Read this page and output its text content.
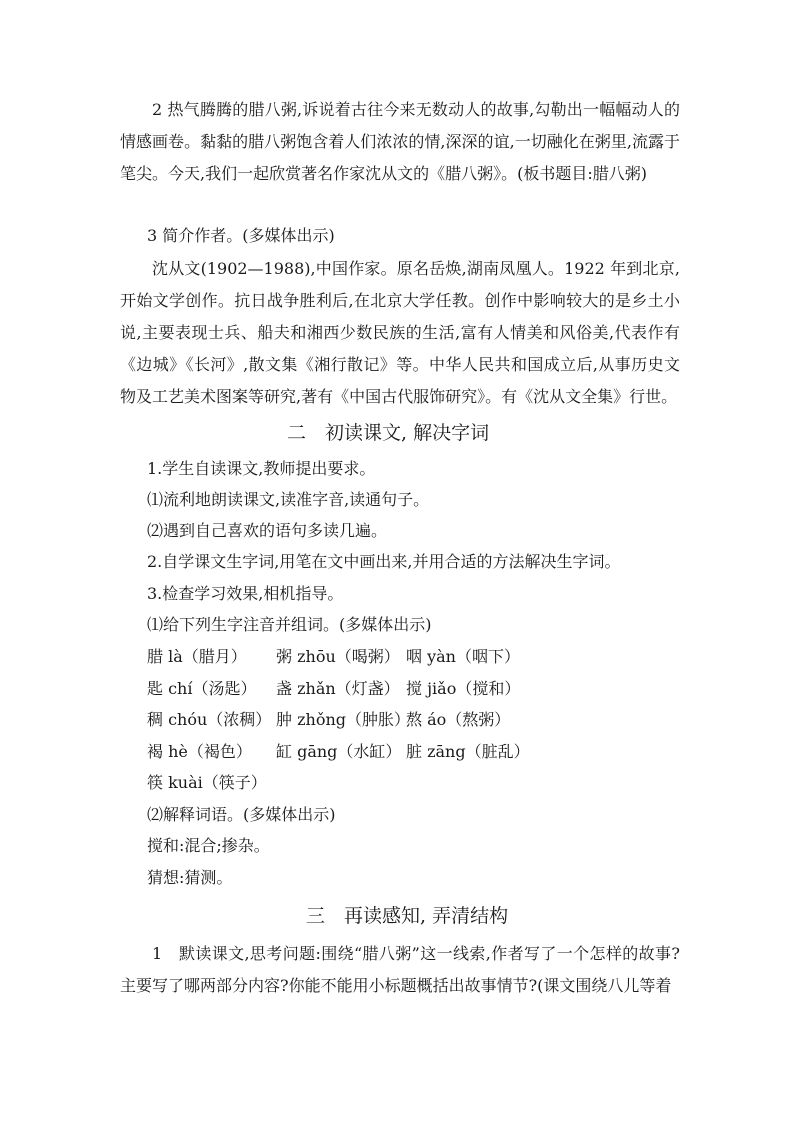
2 热气腾腾的腊八粥,诉说着古往今来无数动人的故事,勾勒出一幅幅动人的情感画卷。黏黏的腊八粥饱含着人们浓浓的情,深深的谊,一切融化在粥里,流露于笔尖。今天,我们一起欣赏著名作家沈从文的《腊八粥》。(板书题目:腊八粥)

3 简介作者。(多媒体出示)

沈从文(1902—1988),中国作家。原名岳焕,湖南凤凰人。1922 年到北京,开始文学创作。抗日战争胜利后,在北京大学任教。创作中影响较大的是乡土小说,主要表现士兵、船夫和湘西少数民族的生活,富有人情美和风俗美,代表作有《边城》《长河》,散文集《湘行散记》等。中华人民共和国成立后,从事历史文物及工艺美术图案等研究,著有《中国古代服饰研究》。有《沈从文全集》行世。

二　初读课文, 解决字词

1.学生自读课文,教师提出要求。

⑴流利地朗读课文,读准字音,读通句子。

⑵遇到自己喜欢的语句多读几遍。

2.自学课文生字词,用笔在文中画出来,并用合适的方法解决生字词。

3.检查学习效果,相机指导。

⑴给下列生字注音并组词。(多媒体出示)

腊 là（腊月） 粥 zhōu（喝粥） 咽 yàn（咽下）
匙 chí（汤匙） 盏 zhǎn（灯盏） 搅 jiǎo（搅和）
稠 chóu（浓稠） 肿 zhǒng（肿胀）
熬 áo（熬粥）
褐 hè（褐色） 缸 gāng（水缸） 脏 zāng（脏乱）
筷 kuài（筷子）

⑵解释词语。(多媒体出示)

搅和:混合;掺杂。

猜想:猜测。

三　再读感知, 弄清结构

1　默读课文,思考问题:围绕“腊八粥”这一线索,作者写了一个怎样的故事?主要写了哪两部分内容?你能不能用小标题概括出故事情节?(课文围绕八儿等着
